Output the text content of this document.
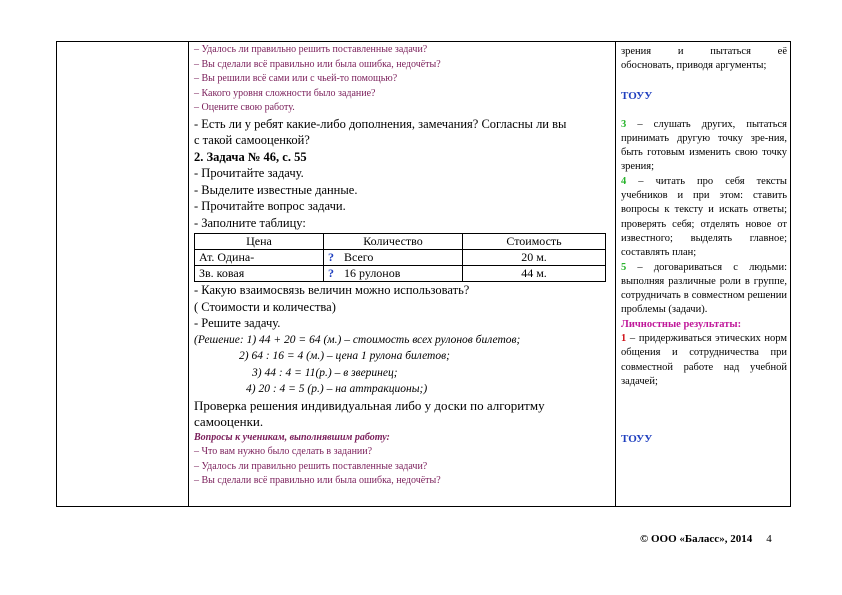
– Удалось ли правильно решить поставленные задачи?
– Вы сделали всё правильно или была ошибка, недочёты?
– Вы решили всё сами или с чьей-то помощью?
– Какого уровня сложности было задание?
– Оцените свою работу.
- Есть ли у ребят какие-либо дополнения, замечания? Согласны ли вы
с такой самооценкой?
2. Задача № 46, с. 55
- Прочитайте задачу.
- Выделите известные данные.
- Прочитайте вопрос задачи.
- Заполните таблицу:
Цена	Количество	Стоимость
Ат. Одина-	? Всего	20 м.
Зв. ковая	? 16 рулонов	44 м.
- Какую взаимосвязь величин можно использовать?
( Стоимости и количества)
- Решите задачу.
(Решение: 1) 44 + 20 = 64 (м.) – стоимость всех рулонов билетов;
2) 64 : 16 = 4 (м.) – цена 1 рулона билетов;
3) 44 : 4 = 11(р.) – в зверинец;
4) 20 : 4 = 5 (р.) – на аттракционы;)
Проверка решения индивидуальная либо у доски по алгоритму
самооценки.
Вопросы к ученикам, выполнявшим работу:
– Что вам нужно было сделать в задании?
– Удалось ли правильно решить поставленные задачи?
– Вы сделали всё правильно или была ошибка, недочёты?
зрения и пытаться её
обосновать, приводя аргументы;
ТОУУ
3 – слушать других, пытаться принимать другую точку зре-ния, быть готовым изменить свою точку зрения;
4 – читать про себя тексты учебников и при этом: ставить вопросы к тексту и искать ответы; проверять себя; отделять новое от известного; выделять главное; составлять план;
5 – договариваться с людьми: выполняя различные роли в группе, сотрудничать в совместном решении проблемы (задачи).
Личностные результаты:
1 – придерживаться этических норм общения и сотрудничества при совместной работе над учебной задачей;
ТОУУ
© ООО «Баласс», 2014 4
